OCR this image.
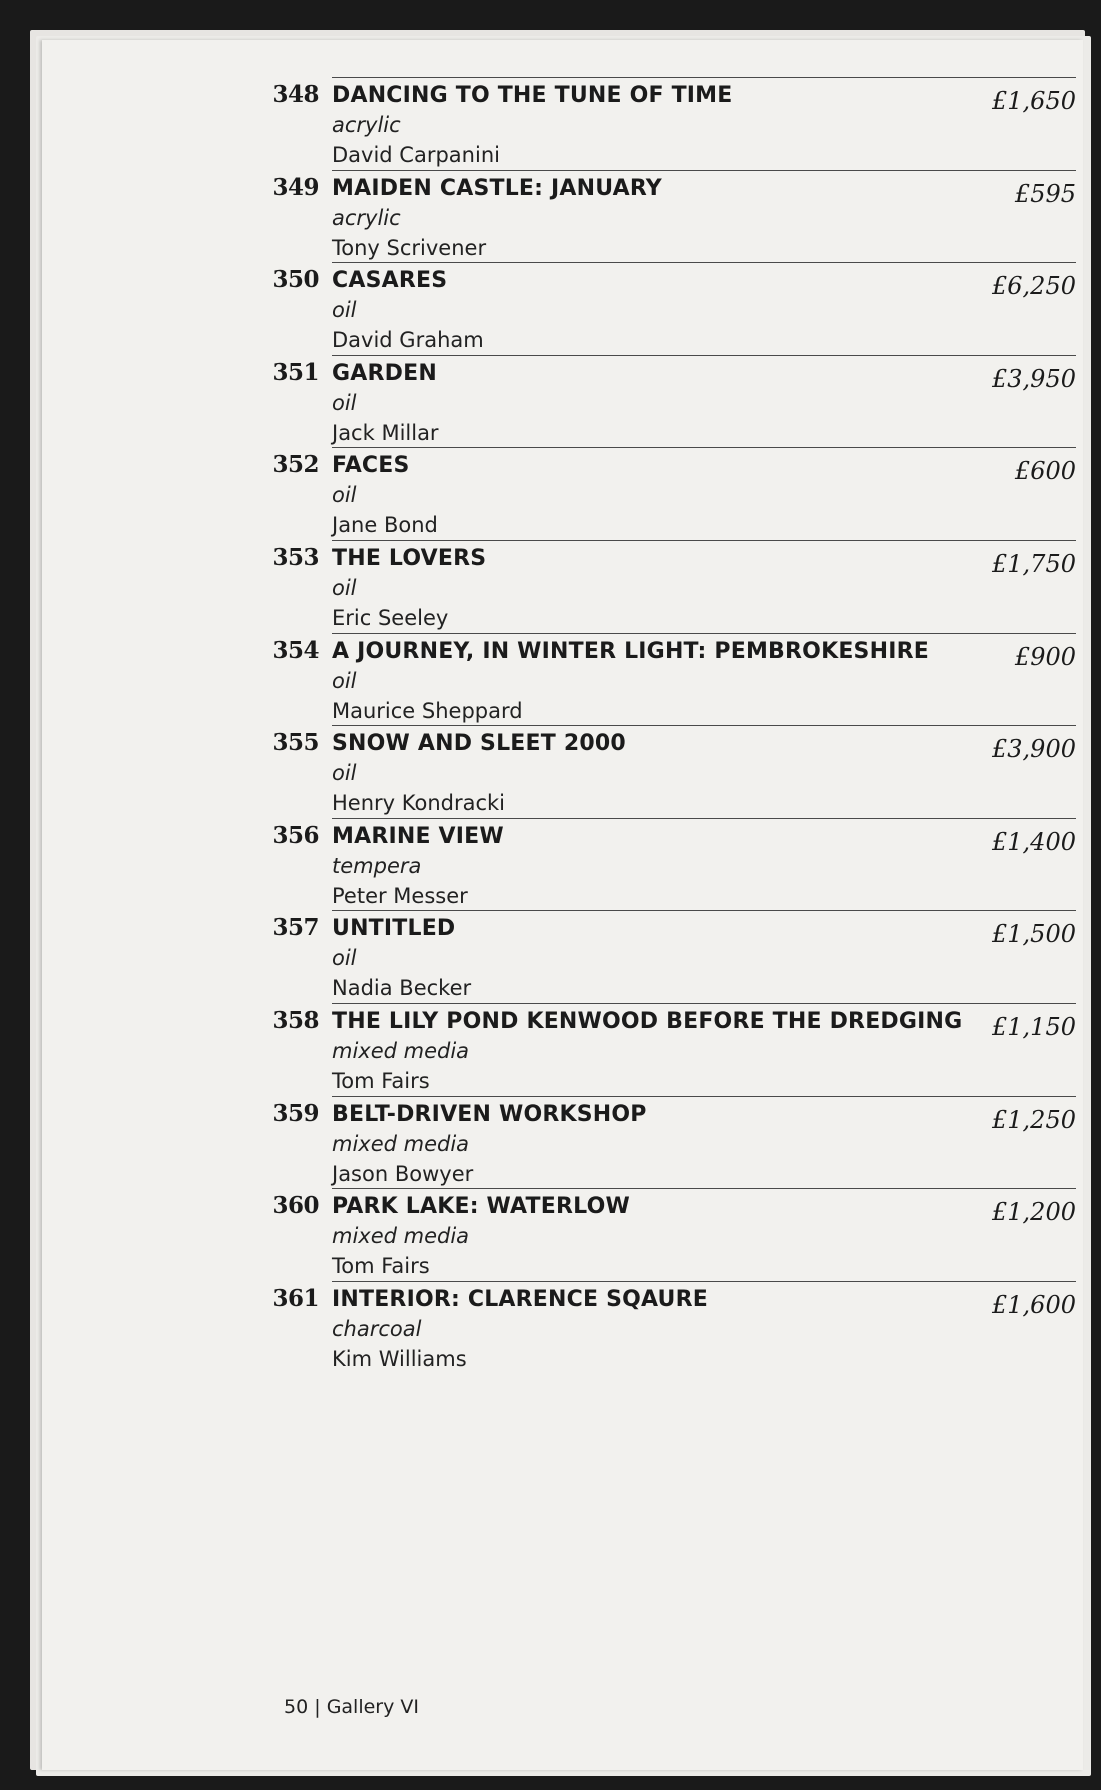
348 DANCING TO THE TUNE OF TIME
acrylic
David Carpanini
£1,650
349 MAIDEN CASTLE: JANUARY
acrylic
Tony Scrivener
£595
350 CASARES
oil
David Graham
£6,250
351 GARDEN
oil
Jack Millar
£3,950
352 FACES
oil
Jane Bond
£600
353 THE LOVERS
oil
Eric Seeley
£1,750
354 A JOURNEY, IN WINTER LIGHT: PEMBROKESHIRE
oil
Maurice Sheppard
£900
355 SNOW AND SLEET 2000
oil
Henry Kondracki
£3,900
356 MARINE VIEW
tempera
Peter Messer
£1,400
357 UNTITLED
oil
Nadia Becker
£1,500
358 THE LILY POND KENWOOD BEFORE THE DREDGING
mixed media
Tom Fairs
£1,150
359 BELT-DRIVEN WORKSHOP
mixed media
Jason Bowyer
£1,250
360 PARK LAKE: WATERLOW
mixed media
Tom Fairs
£1,200
361 INTERIOR: CLARENCE SQAURE
charcoal
Kim Williams
£1,600
50 | Gallery VI
